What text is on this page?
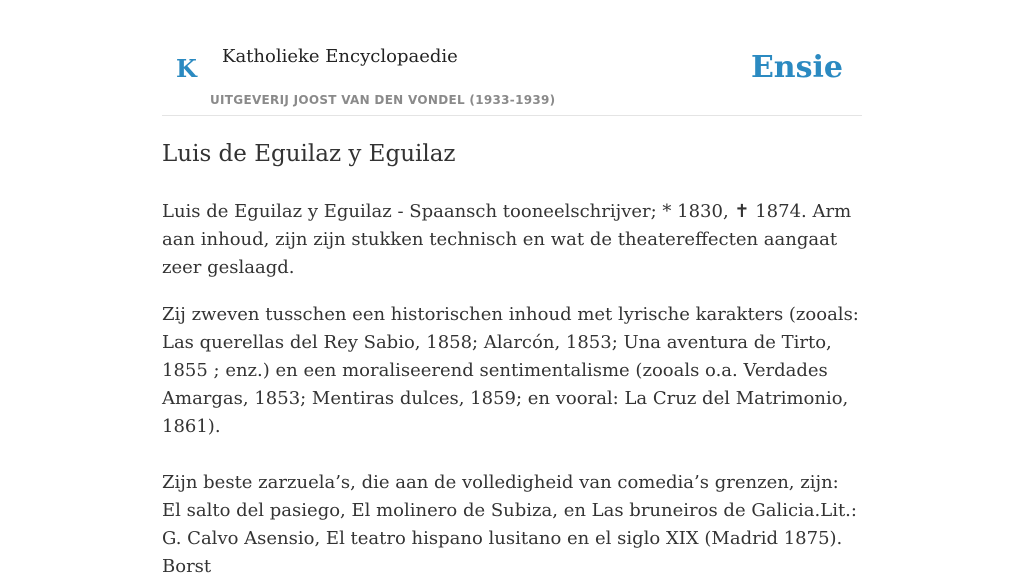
K Katholieke Encyclopaedie
UITGEVERIJ JOOST VAN DEN VONDEL (1933-1939)
Ensie
Luis de Eguilaz y Eguilaz

Luis de Eguilaz y Eguilaz - Spaansch tooneelschrijver; * 1830, ✝ 1874. Arm aan inhoud, zijn zijn stukken technisch en wat de theatereffecten aangaat zeer geslaagd.

Zij zweven tusschen een historischen inhoud met lyrische karakters (zooals: Las querellas del Rey Sabio, 1858; Alarcón, 1853; Una aventura de Tirto, 1855 ; enz.) en een moraliseerend sentimentalisme (zooals o.a. Verdades Amargas, 1853; Mentiras dulces, 1859; en vooral: La Cruz del Matrimonio, 1861).

Zijn beste zarzuela’s, die aan de volledigheid van comedia’s grenzen, zijn: El salto del pasiego, El molinero de Subiza, en Las bruneiros de Galicia.Lit.: G. Calvo Asensio, El teatro hispano lusitano en el siglo XIX (Madrid 1875). Borst
